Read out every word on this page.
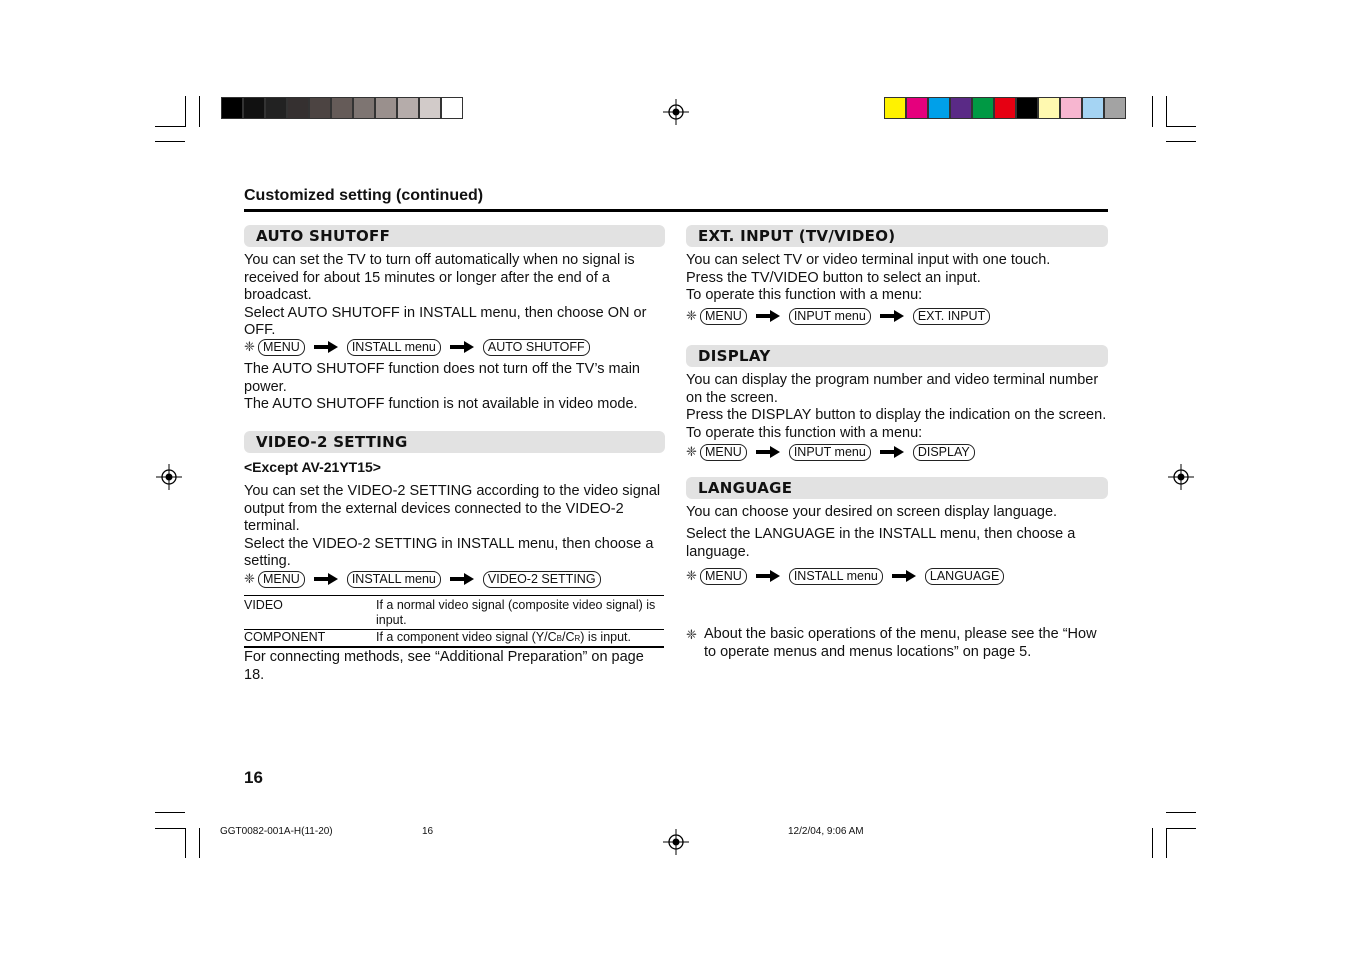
Customized setting (continued)
AUTO SHUTOFF
You can set the TV to turn off automatically when no signal is
received for about 15 minutes or longer after the end of a
broadcast.
Select AUTO SHUTOFF in INSTALL menu, then choose ON or
OFF.
❈ MENU	INSTALL menu	AUTO SHUTOFF
The AUTO SHUTOFF function does not turn off the TV’s main
power.
The AUTO SHUTOFF function is not available in video mode.
VIDEO-2 SETTING
<Except AV-21YT15>
You can set the VIDEO-2 SETTING according to the video signal
output from the external devices connected to the VIDEO-2
terminal.
Select the VIDEO-2 SETTING in INSTALL menu, then choose a
setting.
❈ MENU	INSTALL menu	VIDEO-2 SETTING
VIDEO	If a normal video signal (composite video signal) is
input.
COMPONENT	If a component video signal (Y/CB/CR) is input.
For connecting methods, see “Additional Preparation” on page
18.
EXT. INPUT (TV/VIDEO)
You can select TV or video terminal input with one touch.
Press the TV/VIDEO button to select an input.
To operate this function with a menu:
❈ MENU	INPUT menu	EXT. INPUT
DISPLAY
You can display the program number and video terminal number
on the screen.
Press the DISPLAY button to display the indication on the screen.
To operate this function with a menu:
❈ MENU	INPUT menu	DISPLAY
LANGUAGE
You can choose your desired on screen display language.
Select the LANGUAGE in the INSTALL menu, then choose a
language.
❈ MENU	INSTALL menu	LANGUAGE
❈ About the basic operations of the menu, please see the “How
to operate menus and menus locations” on page 5.
16
GGT0082-001A-H(11-20)	16	12/2/04, 9:06 AM
